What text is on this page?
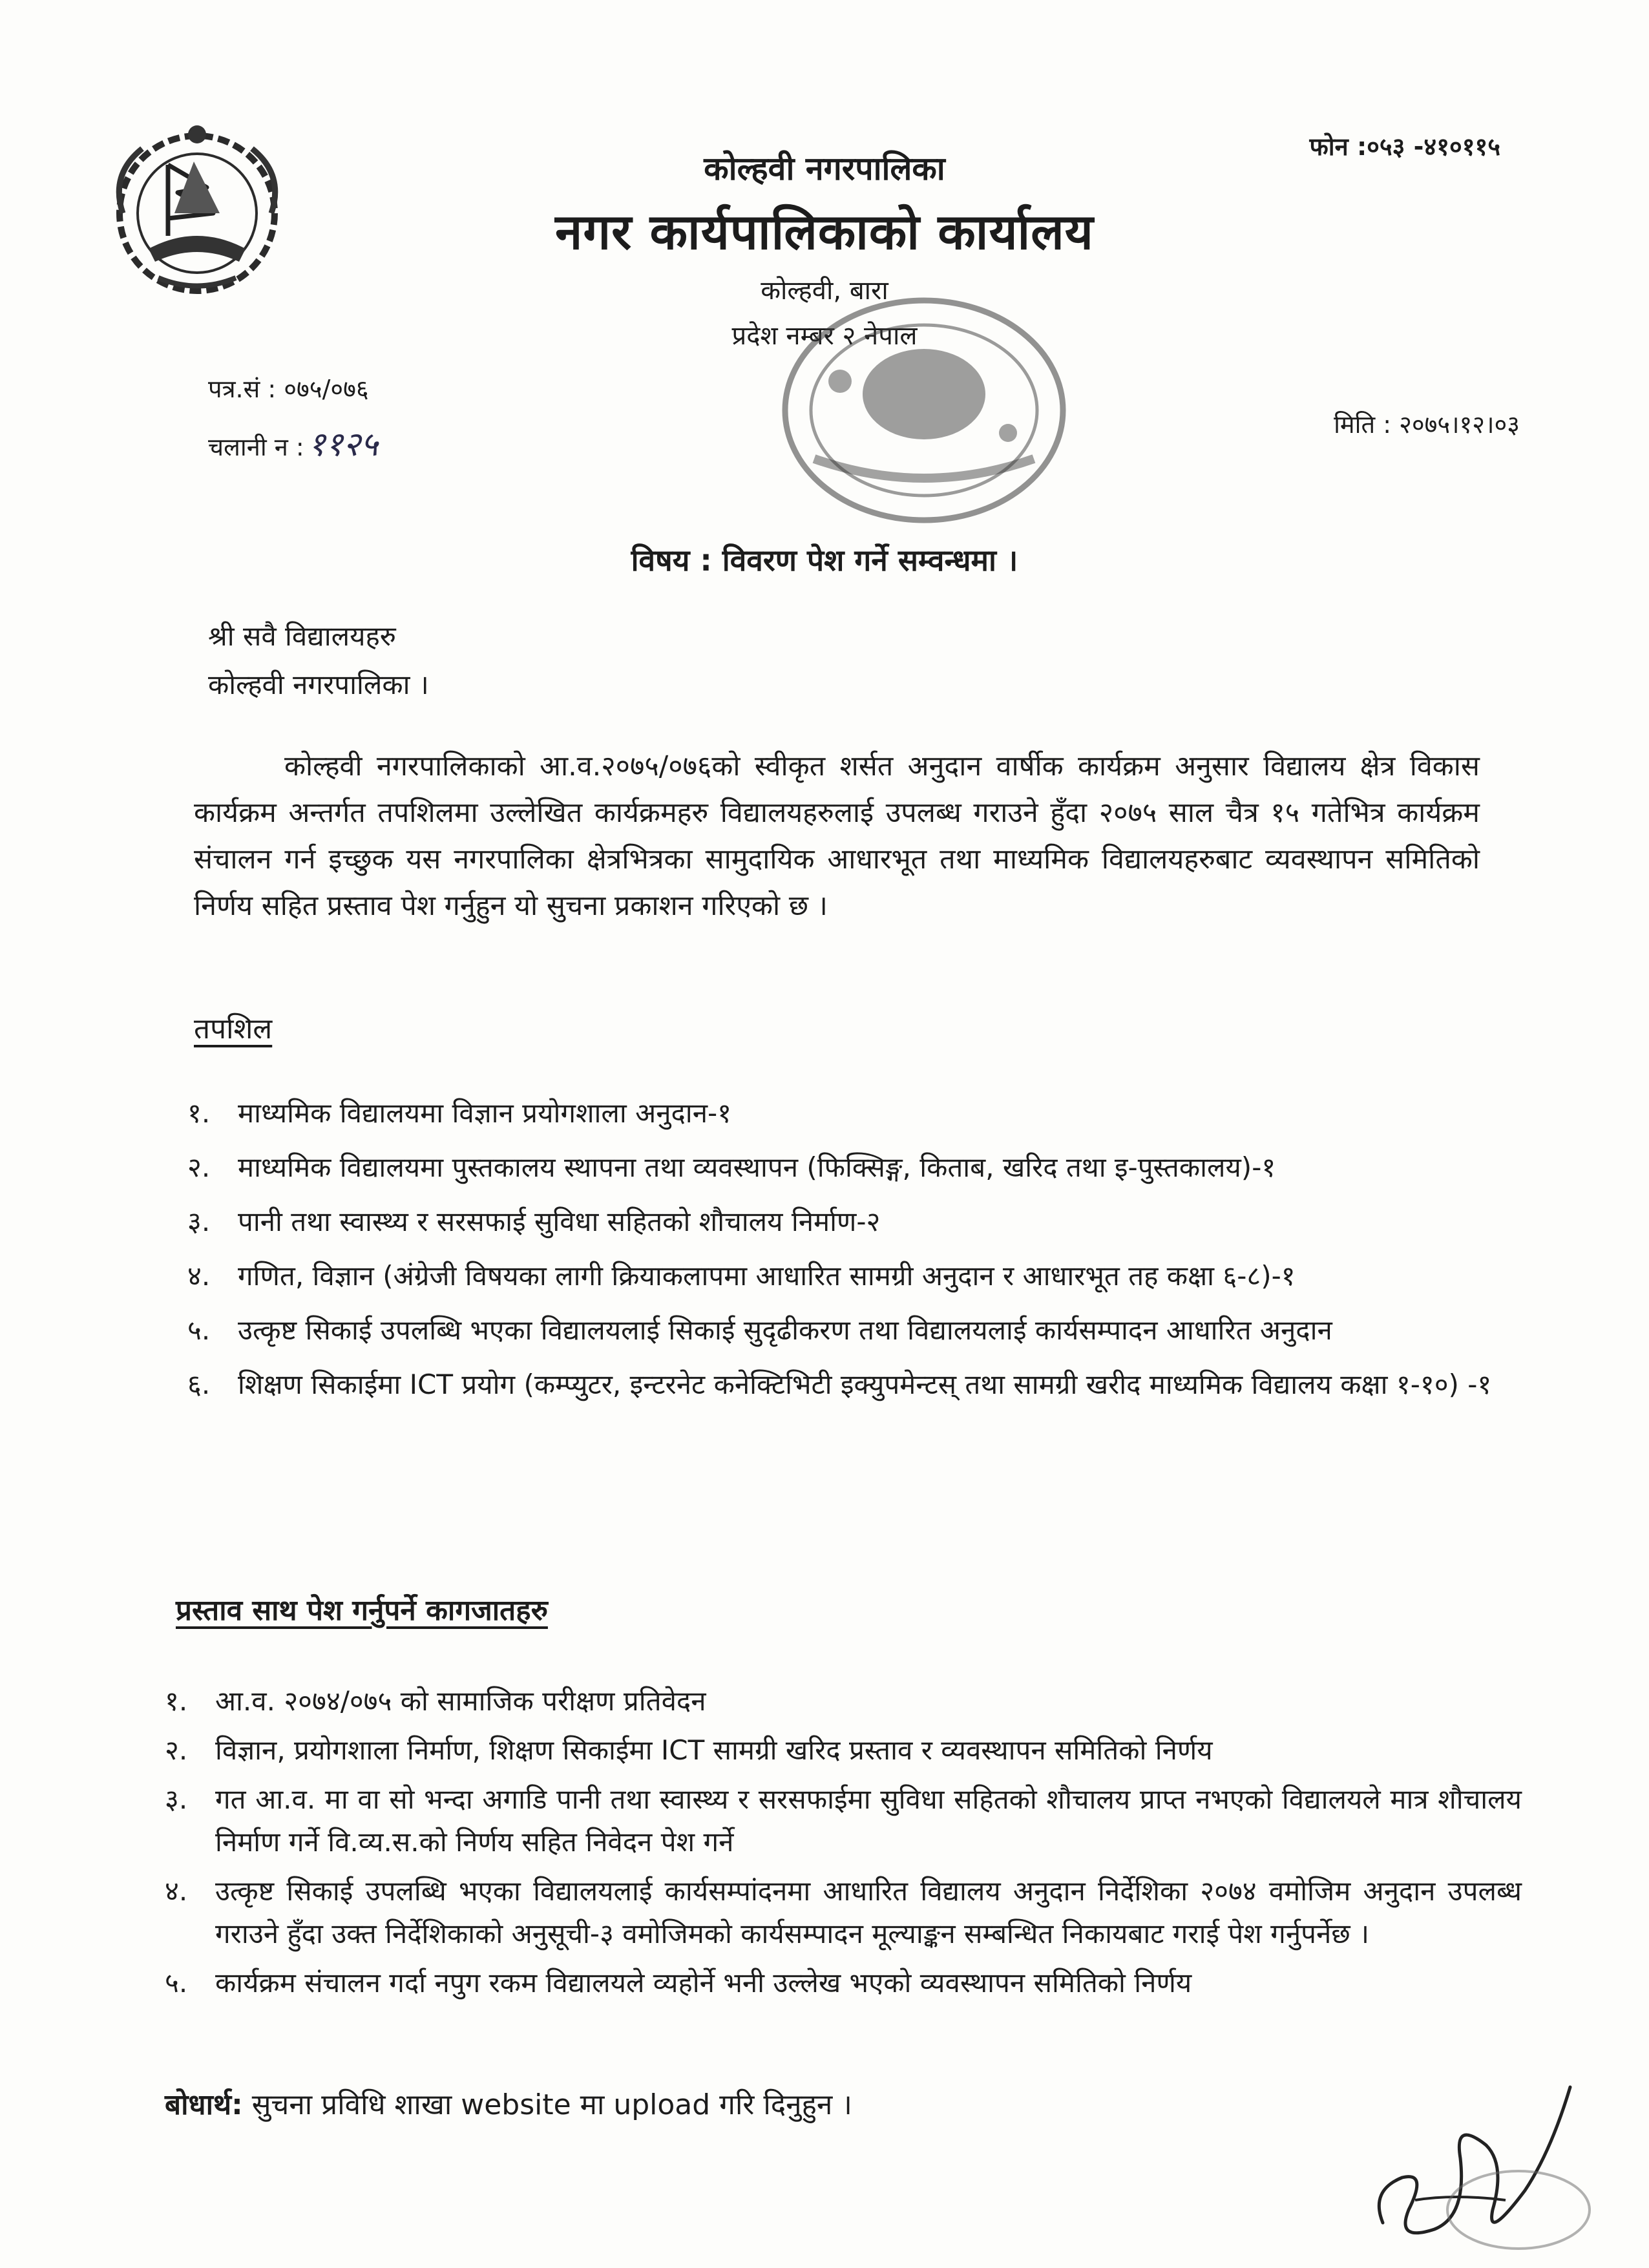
फोन :०५३ -४१०११५
कोल्हवी नगरपालिका
नगर कार्यपालिकाको कार्यालय
कोल्हवी, बारा
प्रदेश नम्बर २ नेपाल
पत्र.सं : ०७५/०७६
चलानी न : ११२५
मिति : २०७५।१२।०३
विषय : विवरण पेश गर्ने सम्वन्धमा ।
श्री सवै विद्यालयहरु
कोल्हवी नगरपालिका ।
कोल्हवी नगरपालिकाको आ.व.२०७५/०७६को स्वीकृत शर्सत अनुदान वार्षीक कार्यक्रम अनुसार विद्यालय क्षेत्र विकास कार्यक्रम अन्तर्गत तपशिलमा उल्लेखित कार्यक्रमहरु विद्यालयहरुलाई उपलब्ध गराउने हुँदा २०७५ साल चैत्र १५ गतेभित्र कार्यक्रम संचालन गर्न इच्छुक यस नगरपालिका क्षेत्रभित्रका सामुदायिक आधारभूत तथा माध्यमिक विद्यालयहरुबाट व्यवस्थापन समितिको निर्णय सहित प्रस्ताव पेश गर्नुहुन यो सुचना प्रकाशन गरिएको छ ।
तपशिल
१. माध्यमिक विद्यालयमा विज्ञान प्रयोगशाला अनुदान-१
२. माध्यमिक विद्यालयमा पुस्तकालय स्थापना तथा व्यवस्थापन (फिक्सिङ्ग, किताब, खरिद तथा इ-पुस्तकालय)-१
३. पानी तथा स्वास्थ्य र सरसफाई सुविधा सहितको शौचालय निर्माण-२
४. गणित, विज्ञान (अंग्रेजी विषयका लागी क्रियाकलापमा आधारित सामग्री अनुदान र आधारभूत तह कक्षा ६-८)-१
५. उत्कृष्ट सिकाई उपलब्धि भएका विद्यालयलाई सिकाई सुदृढीकरण तथा विद्यालयलाई कार्यसम्पादन आधारित अनुदान
६. शिक्षण सिकाईमा ICT प्रयोग (कम्प्युटर, इन्टरनेट कनेक्टिभिटी इक्युपमेन्टस् तथा सामग्री खरीद माध्यमिक विद्यालय कक्षा १-१०) -१
प्रस्ताव साथ पेश गर्नुपर्ने कागजातहरु
१. आ.व. २०७४/०७५ को सामाजिक परीक्षण प्रतिवेदन
२. विज्ञान, प्रयोगशाला निर्माण, शिक्षण सिकाईमा ICT सामग्री खरिद प्रस्ताव र व्यवस्थापन समितिको निर्णय
३. गत आ.व. मा वा सो भन्दा अगाडि पानी तथा स्वास्थ्य र सरसफाईमा सुविधा सहितको शौचालय प्राप्त नभएको विद्यालयले मात्र शौचालय निर्माण गर्ने वि.व्य.स.को निर्णय सहित निवेदन पेश गर्ने
४. उत्कृष्ट सिकाई उपलब्धि भएका विद्यालयलाई कार्यसम्पांदनमा आधारित विद्यालय अनुदान निर्देशिका २०७४ वमोजिम अनुदान उपलब्ध गराउने हुँदा उक्त निर्देशिकाको अनुसूची-३ वमोजिमको कार्यसम्पादन मूल्याङ्कन सम्बन्धित निकायबाट गराई पेश गर्नुपर्नेछ ।
५. कार्यक्रम संचालन गर्दा नपुग रकम विद्यालयले व्यहोर्ने भनी उल्लेख भएको व्यवस्थापन समितिको निर्णय
बोधार्थ: सुचना प्रविधि शाखा website मा upload गरि दिनुहुन ।
